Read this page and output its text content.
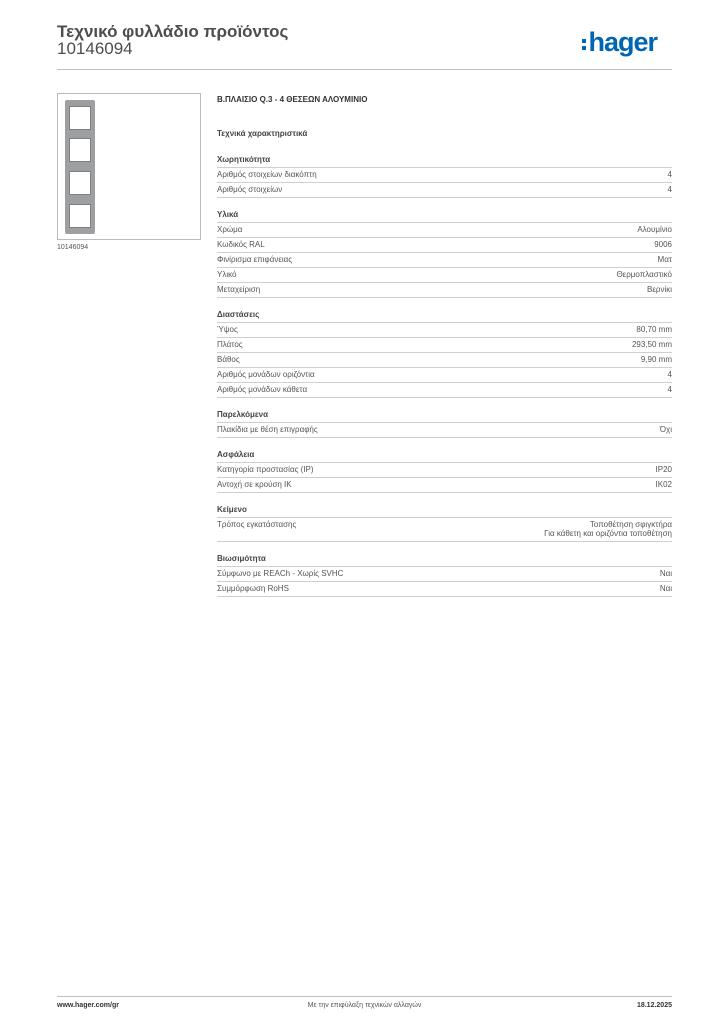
Τεχνικό φυλλάδιο προϊόντος
10146094	hager
10146094
Β.ΠΛΑΙΣΙΟ Q.3 - 4 ΘΕΣΕΩΝ ΑΛΟΥΜΙΝΙΟ
Τεχνικά χαρακτηριστικά
Χωρητικότητα
Αριθμός στοιχείων διακόπτη	4
Αριθμός στοιχείων	4
Υλικά
Χρώμα	Αλουμίνιο
Κωδικός RAL	9006
Φινίρισμα επιφάνειας	Ματ
Υλικό	Θερμοπλαστικό
Μεταχείριση	Βερνίκι
Διαστάσεις
Ύψος	80,70 mm
Πλάτος	293,50 mm
Βάθος	9,90 mm
Αριθμός μονάδων οριζόντια	4
Αριθμός μονάδων κάθετα	4
Παρελκόμενα
Πλακίδια με θέση επιγραφής	Όχι
Ασφάλεια
Κατηγορία προστασίας (IP)	IP20
Αντοχή σε κρούση IK	IK02
Κείμενο
Τρόπος εγκατάστασης	Τοποθέτηση σφιγκτήρα
Για κάθετη και οριζόντια τοποθέτηση
Βιωσιμότητα
Σύμφωνο με REACh - Χωρίς SVHC	Ναι
Συμμόρφωση RoHS	Ναι
www.hager.com/gr	Με την επιφύλαξη τεχνικών αλλαγών	18.12.2025
